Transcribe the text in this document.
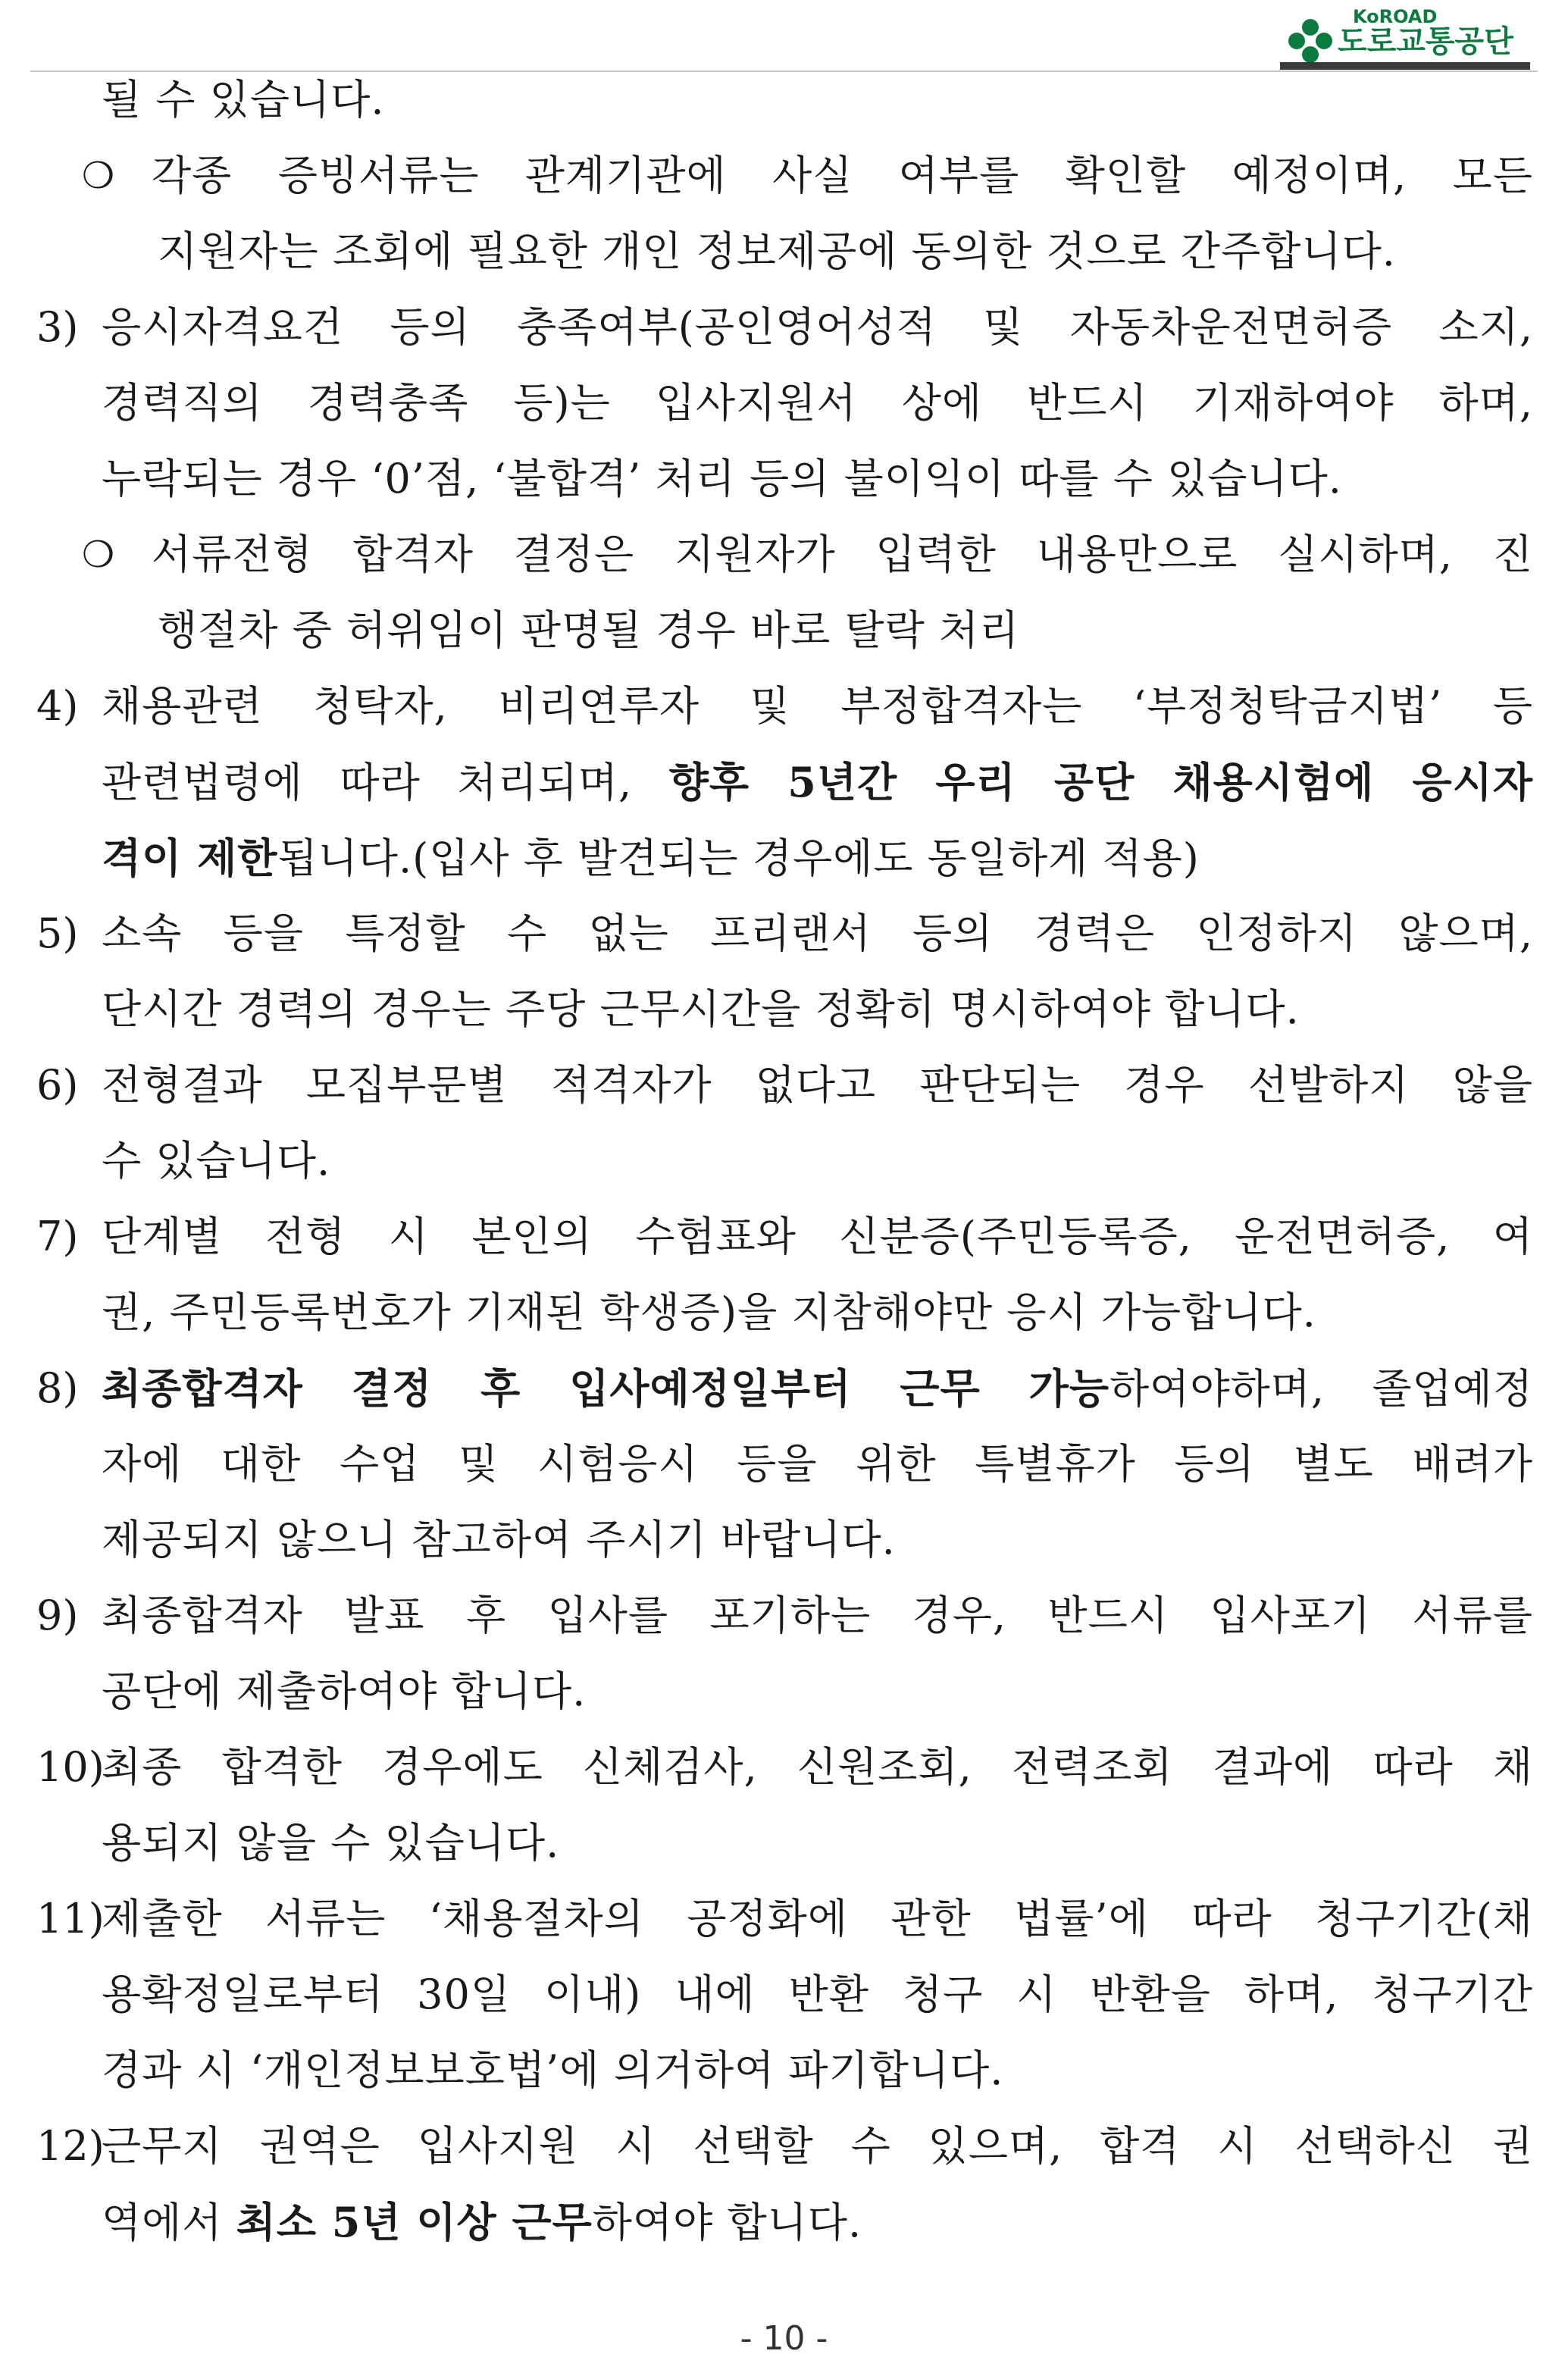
KoROAD
도로교통공단
될 수 있습니다.
❍ 각종 증빙서류는 관계기관에 사실 여부를 확인할 예정이며, 모든
지원자는 조회에 필요한 개인 정보제공에 동의한 것으로 간주합니다.
3) 응시자격요건 등의 충족여부(공인영어성적 및 자동차운전면허증 소지,
경력직의 경력충족 등)는 입사지원서 상에 반드시 기재하여야 하며,
누락되는 경우 ‘0’점, ‘불합격’ 처리 등의 불이익이 따를 수 있습니다.
❍ 서류전형 합격자 결정은 지원자가 입력한 내용만으로 실시하며, 진
행절차 중 허위임이 판명될 경우 바로 탈락 처리
4) 채용관련 청탁자, 비리연루자 및 부정합격자는 ‘부정청탁금지법’ 등
관련법령에 따라 처리되며, 향후 5년간 우리 공단 채용시험에 응시자
격이 제한됩니다.(입사 후 발견되는 경우에도 동일하게 적용)
5) 소속 등을 특정할 수 없는 프리랜서 등의 경력은 인정하지 않으며,
단시간 경력의 경우는 주당 근무시간을 정확히 명시하여야 합니다.
6) 전형결과 모집부문별 적격자가 없다고 판단되는 경우 선발하지 않을
수 있습니다.
7) 단계별 전형 시 본인의 수험표와 신분증(주민등록증, 운전면허증, 여
권, 주민등록번호가 기재된 학생증)을 지참해야만 응시 가능합니다.
8) 최종합격자 결정 후 입사예정일부터 근무 가능하여야하며, 졸업예정
자에 대한 수업 및 시험응시 등을 위한 특별휴가 등의 별도 배려가
제공되지 않으니 참고하여 주시기 바랍니다.
9) 최종합격자 발표 후 입사를 포기하는 경우, 반드시 입사포기 서류를
공단에 제출하여야 합니다.
10)
최종 합격한 경우에도 신체검사, 신원조회, 전력조회 결과에 따라 채
용되지 않을 수 있습니다.
11)
제출한 서류는 ‘채용절차의 공정화에 관한 법률’에 따라 청구기간(채
용확정일로부터 30일 이내) 내에 반환 청구 시 반환을 하며, 청구기간
경과 시 ‘개인정보보호법’에 의거하여 파기합니다.
12)
근무지 권역은 입사지원 시 선택할 수 있으며, 합격 시 선택하신 권
역에서 최소 5년 이상 근무하여야 합니다.
- 10 -
